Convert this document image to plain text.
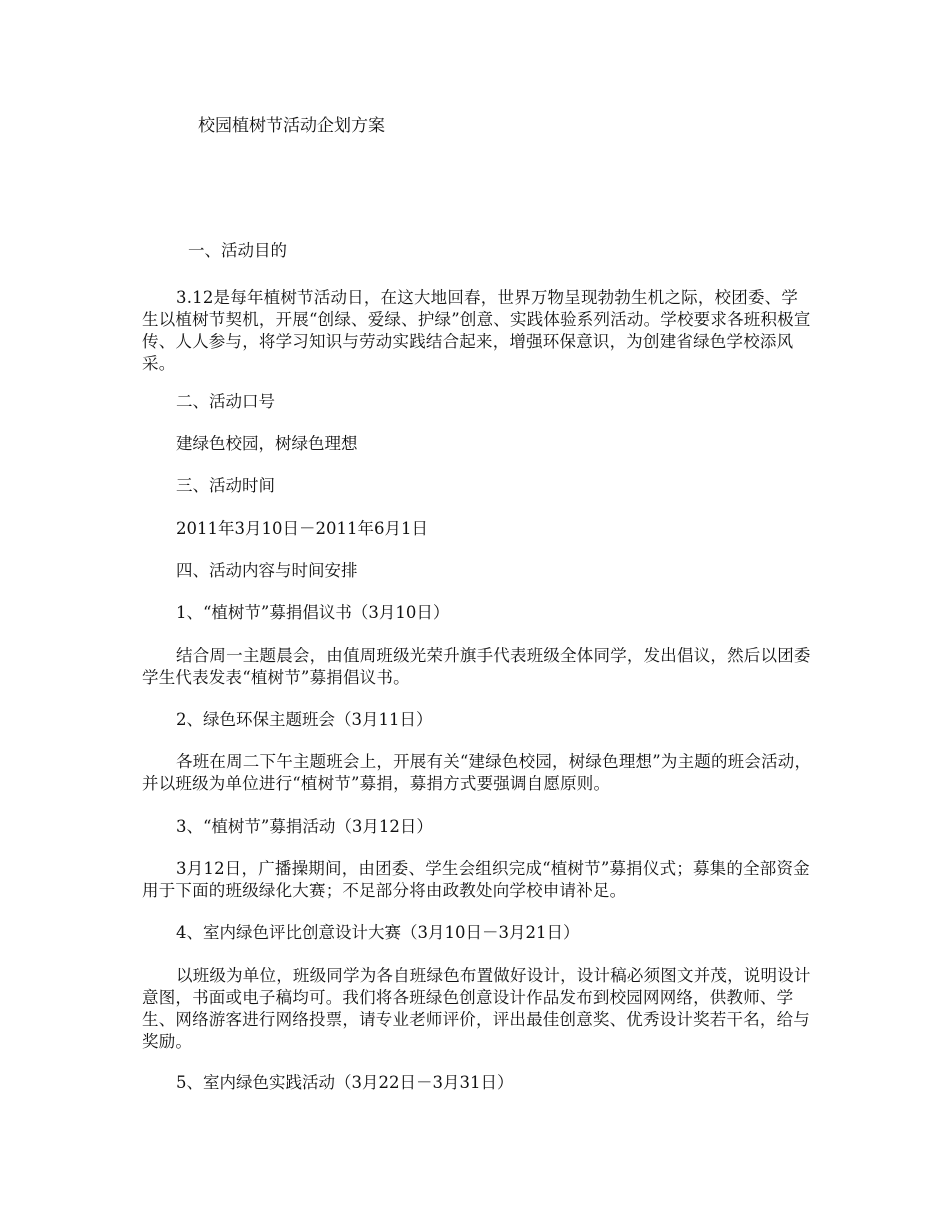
校园植树节活动企划方案

一、活动目的

3.12是每年植树节活动日，在这大地回春，世界万物呈现勃勃生机之际，校团委、学生以植树节契机，开展“创绿、爱绿、护绿”创意、实践体验系列活动。学校要求各班积极宣传、人人参与，将学习知识与劳动实践结合起来，增强环保意识，为创建省绿色学校添风采。

二、活动口号

建绿色校园，树绿色理想

三、活动时间

2011年3月10日－2011年6月1日

四、活动内容与时间安排

1、“植树节”募捐倡议书（3月10日）

结合周一主题晨会，由值周班级光荣升旗手代表班级全体同学，发出倡议，然后以团委学生代表发表“植树节”募捐倡议书。

2、绿色环保主题班会（3月11日）

各班在周二下午主题班会上，开展有关“建绿色校园，树绿色理想”为主题的班会活动，并以班级为单位进行“植树节”募捐，募捐方式要强调自愿原则。

3、“植树节”募捐活动（3月12日）

3月12日，广播操期间，由团委、学生会组织完成“植树节”募捐仪式；募集的全部资金用于下面的班级绿化大赛；不足部分将由政教处向学校申请补足。

4、室内绿色评比创意设计大赛（3月10日－3月21日）

以班级为单位，班级同学为各自班绿色布置做好设计，设计稿必须图文并茂，说明设计意图，书面或电子稿均可。我们将各班绿色创意设计作品发布到校园网网络，供教师、学生、网络游客进行网络投票，请专业老师评价，评出最佳创意奖、优秀设计奖若干名，给与奖励。

5、室内绿色实践活动（3月22日－3月31日）
